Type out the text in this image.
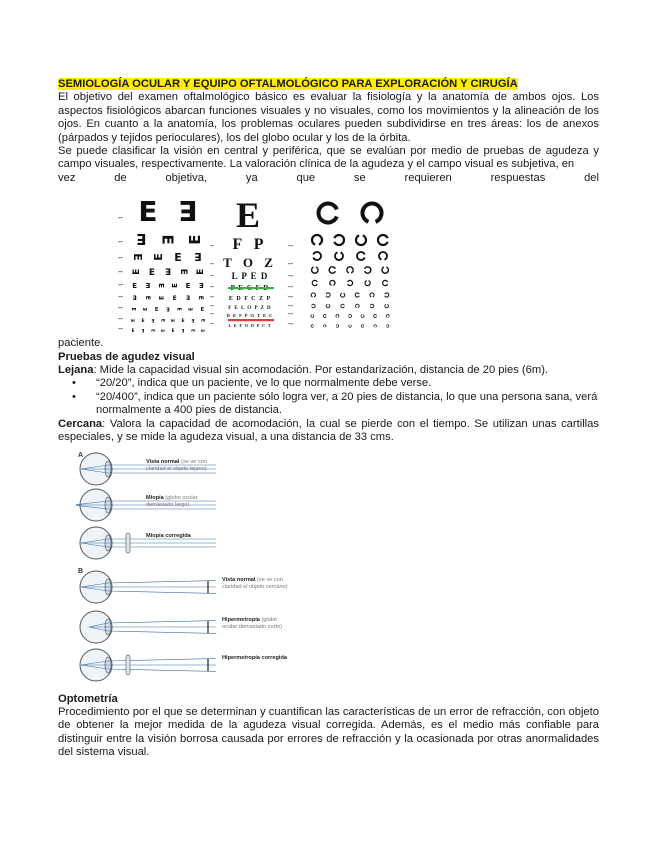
SEMIOLOGÍA OCULAR Y EQUIPO OFTALMOLÓGICO PARA EXPLORACIÓN Y CIRUGÍA

El objetivo del examen oftalmológico básico es evaluar la fisiología y la anatomía de ambos ojos. Los aspectos fisiológicos abarcan funciones visuales y no visuales, como los movimientos y la alineación de los ojos. En cuanto a la anatomía, los problemas oculares pueden subdividirse en tres áreas: los de anexos (párpados y tejidos perioculares), los del globo ocular y los de la órbita.

Se puede clasificar la visión en central y periférica, que se evalúan por medio de pruebas de agudeza y campo visuales, respectivamente. La valoración clínica de la agudeza y el campo visual es subjetiva, en

vez de objetiva, ya que se requieren respuestas del

E E
E E E
E E E E
E E E E E
E E E E E E
E E E E E E
E E E E E E E
E E E E E E E E
E E E E E E E E
E
F P
T O Z
L P E D
E D F C Z P
F E L O P Z D
D E F P O T E C
L E F O D P C T

paciente.

Pruebas de agudez visual

Lejana: Mide la capacidad visual sin acomodación. Por estandarización, distancia de 20 pies (6m).

• “20/20”, indica que un paciente, ve lo que normalmente debe verse.
• “20/400”, indica que un paciente sólo logra ver, a 20 pies de distancia, lo que una persona sana, verá normalmente a 400 pies de distancia.

Cercana: Valora la capacidad de acomodación, la cual se pierde con el tiempo. Se utilizan unas cartillas especiales, y se mide la agudeza visual, a una distancia de 33 cms.

A
B
Vista normal (se ve con
claridad el objeto lejano)
Miopía (globo ocular
demasiado largo)
Miopía corregida
Vista normal (se ve con
claridad el objeto cercano)
Hipermetropía (globo
ocular demasiado corto)
Hipermetropía corregida
Optometría

Procedimiento por el que se determinan y cuantifican las características de un error de refracción, con objeto de obtener la mejor medida de la agudeza visual corregida. Además, es el medio más confiable para distinguir entre la visión borrosa causada por errores de refracción y la ocasionada por otras anormalidades del sistema visual.
